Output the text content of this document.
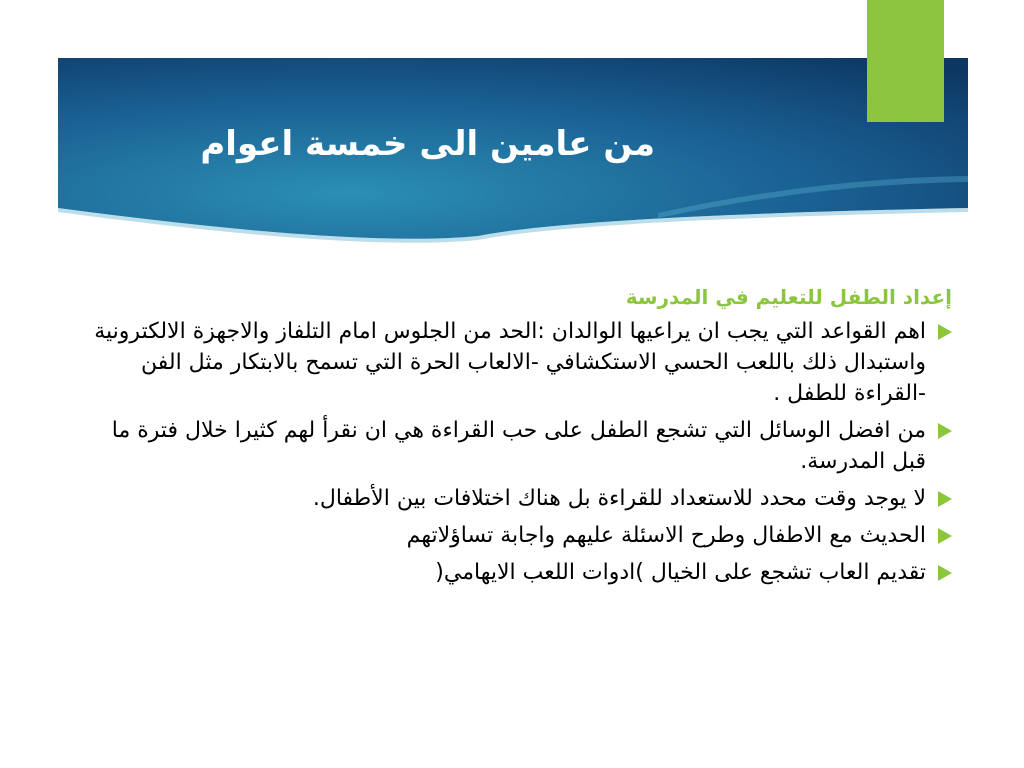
من عامين الى خمسة اعوام
إعداد الطفل للتعليم في المدرسة
اهم القواعد التي يجب ان يراعيها الوالدان :الحد من الجلوس امام التلفاز والاجهزة الالكترونية واستبدال ذلك باللعب الحسي الاستكشافي -الالعاب الحرة التي تسمح بالابتكار مثل الفن -القراءة للطفل .
من افضل الوسائل التي تشجع الطفل على حب القراءة هي ان نقرأ لهم كثيرا خلال فترة ما قبل المدرسة.
لا يوجد وقت محدد للاستعداد للقراءة بل هناك اختلافات بين الأطفال.
الحديث مع الاطفال وطرح الاسئلة عليهم واجابة تساؤلاتهم
تقديم العاب تشجع على الخيال )ادوات اللعب الايهامي(
